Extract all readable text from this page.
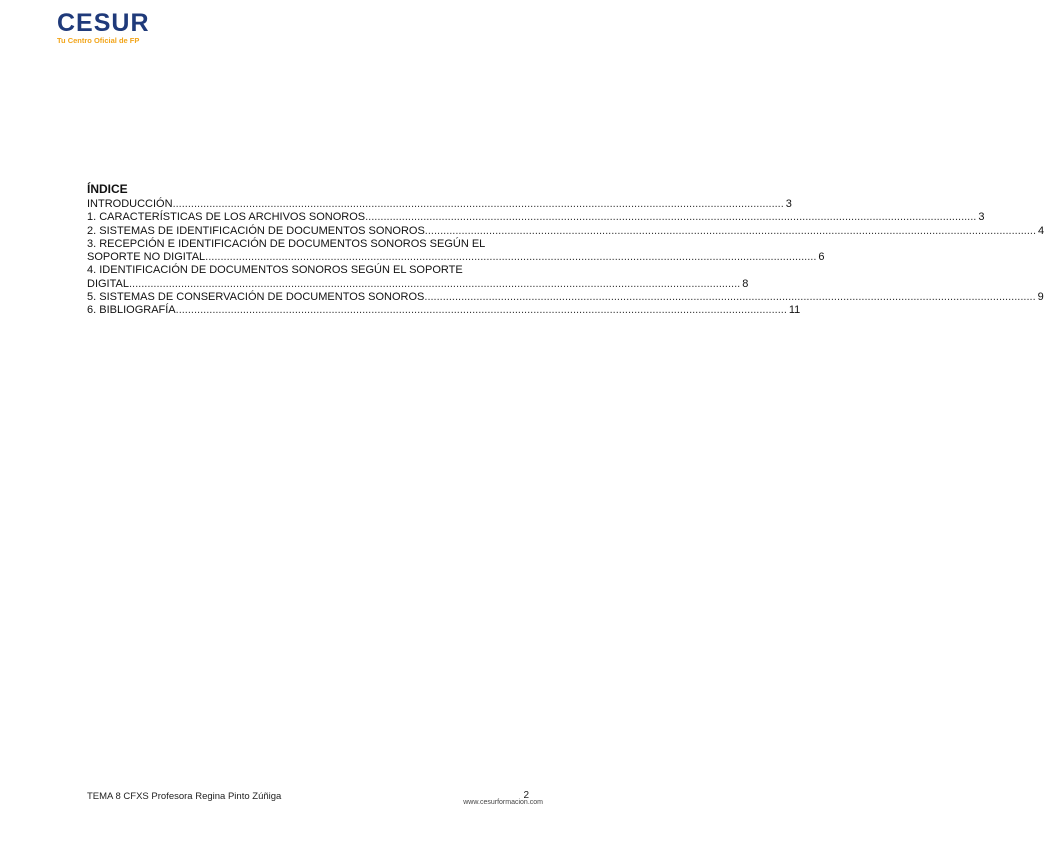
CESUR
Tu Centro Oficial de FP
ÍNDICE
INTRODUCCIÓN ........................................................................................................................................................................................................ 3
1. CARACTERÍSTICAS DE LOS ARCHIVOS SONOROS ........................................................................................................................................................................................................ 3
2. SISTEMAS DE IDENTIFICACIÓN DE DOCUMENTOS SONOROS ........................................................................................................................................................................................................ 4
3. RECEPCIÓN E IDENTIFICACIÓN DE DOCUMENTOS SONOROS SEGÚN EL
SOPORTE NO DIGITAL ........................................................................................................................................................................................................ 6
4. IDENTIFICACIÓN DE DOCUMENTOS SONOROS SEGÚN EL SOPORTE
DIGITAL ........................................................................................................................................................................................................ 8
5. SISTEMAS DE CONSERVACIÓN DE DOCUMENTOS SONOROS ........................................................................................................................................................................................................ 9
6. BIBLIOGRAFÍA ........................................................................................................................................................................................................ 11
TEMA 8 CFXS Profesora Regina Pinto Zúñiga	2
www.cesurformacion.com
